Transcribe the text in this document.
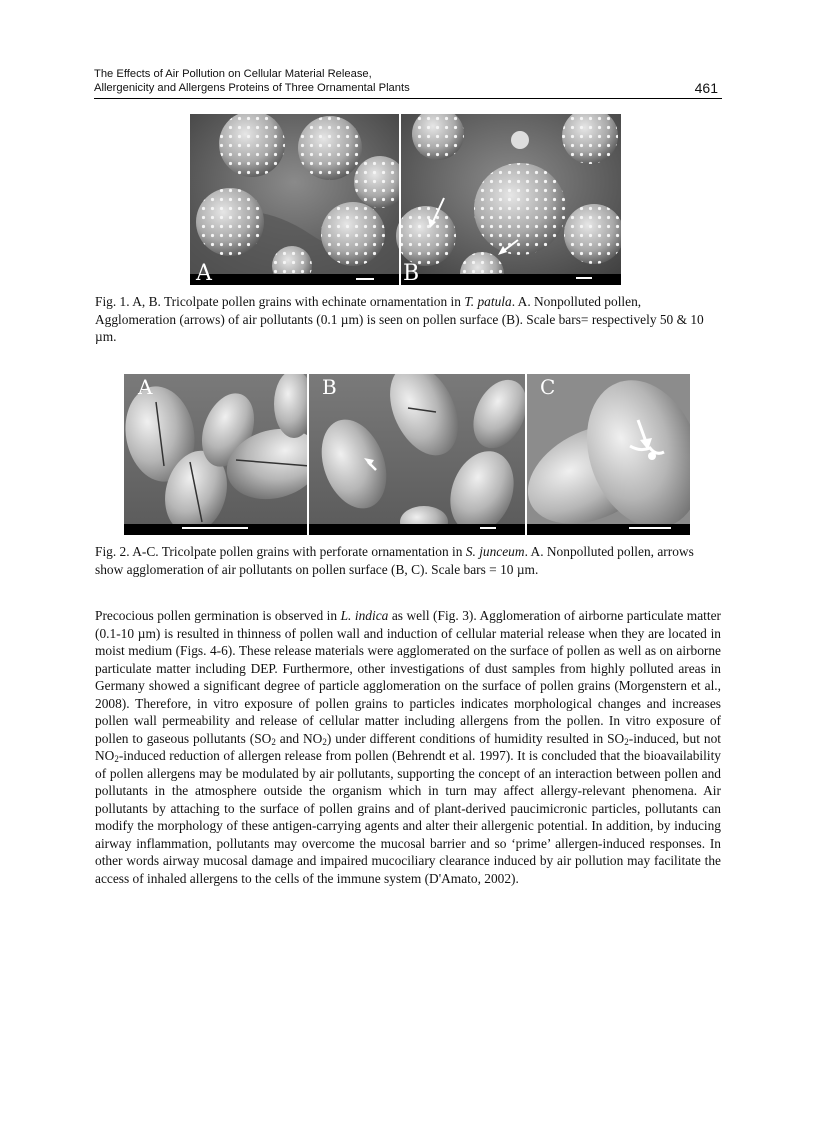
The Effects of Air Pollution on Cellular Material Release,
Allergenicity and Allergens Proteins of Three Ornamental Plants	461
A	B
Fig. 1. A, B. Tricolpate pollen grains with echinate ornamentation in T. patula. A. Nonpolluted pollen, Agglomeration (arrows) of air pollutants (0.1 µm) is seen on pollen surface (B). Scale bars= respectively 50 & 10 µm.
A	B	C
Fig. 2. A-C. Tricolpate pollen grains with perforate ornamentation in S. junceum. A. Nonpolluted pollen, arrows show agglomeration of air pollutants on pollen surface (B, C). Scale bars = 10 µm.
Precocious pollen germination is observed in L. indica as well (Fig. 3). Agglomeration of airborne particulate matter (0.1-10 µm) is resulted in thinness of pollen wall and induction of cellular material release when they are located in moist medium (Figs. 4-6). These release materials were agglomerated on the surface of pollen as well as on airborne particulate matter including DEP. Furthermore, other investigations of dust samples from highly polluted areas in Germany showed a significant degree of particle agglomeration on the surface of pollen grains (Morgenstern et al., 2008). Therefore, in vitro exposure of pollen grains to particles indicates morphological changes and increases pollen wall permeability and release of cellular matter including allergens from the pollen. In vitro exposure of pollen to gaseous pollutants ($SO_2$ and $NO_2$) under different conditions of humidity resulted in $SO_2$-induced, but not $NO_2$-induced reduction of allergen release from pollen (Behrendt et al. 1997). It is concluded that the bioavailability of pollen allergens may be modulated by air pollutants, supporting the concept of an interaction between pollen and pollutants in the atmosphere outside the organism which in turn may affect allergy-relevant phenomena. Air pollutants by attaching to the surface of pollen grains and of plant-derived paucimicronic particles, pollutants can modify the morphology of these antigen-carrying agents and alter their allergenic potential. In addition, by inducing airway inflammation, pollutants may overcome the mucosal barrier and so ‘prime’ allergen-induced responses. In other words airway mucosal damage and impaired mucociliary clearance induced by air pollution may facilitate the access of inhaled allergens to the cells of the immune system (D'Amato, 2002).
